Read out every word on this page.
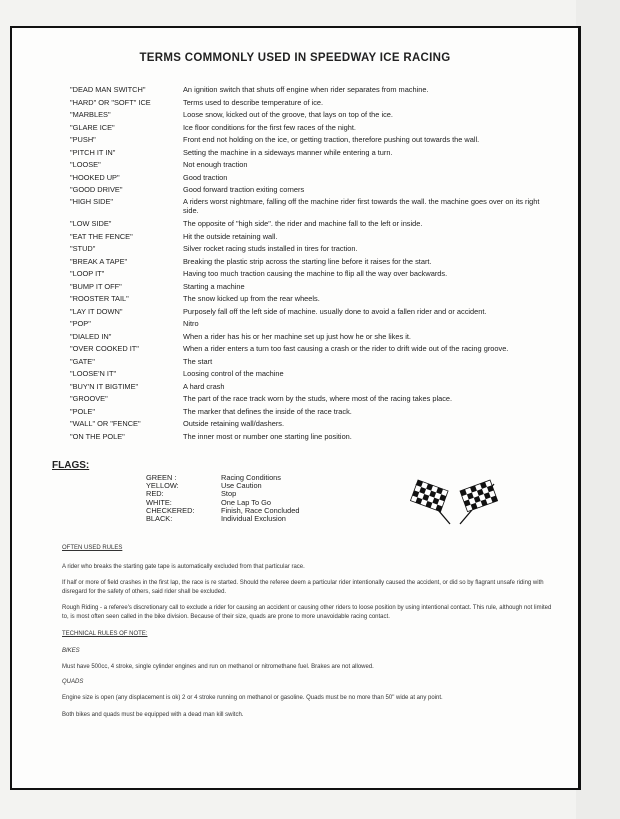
TERMS COMMONLY USED IN SPEEDWAY ICE RACING
"DEAD MAN SWITCH"	An ignition switch that shuts off engine when rider separates from machine.
"HARD" OR "SOFT" ICE	Terms used to describe temperature of ice.
"MARBLES"	Loose snow, kicked out of the groove, that lays on top of the ice.
"GLARE ICE"	Ice floor conditions for the first few races of the night.
"PUSH"	Front end not holding on the ice, or getting traction, therefore pushing out towards the wall.
"PITCH IT IN"	Setting the machine in a sideways manner while entering a turn.
"LOOSE"	Not enough traction
"HOOKED UP"	Good traction
"GOOD DRIVE"	Good forward traction exiting corners
"HIGH SIDE"	A riders worst nightmare, falling off the machine rider first towards the wall. the machine goes over on its right side.
"LOW SIDE"	The opposite of "high side". the rider and machine fall to the left or inside.
"EAT THE FENCE"	Hit the outside retaining wall.
"STUD"	Silver rocket racing studs installed in tires for traction.
"BREAK A TAPE"	Breaking the plastic strip across the starting line before it raises for the start.
"LOOP IT"	Having too much traction causing the machine to flip all the way over backwards.
"BUMP IT OFF"	Starting a machine
"ROOSTER TAIL"	The snow kicked up from the rear wheels.
"LAY IT DOWN"	Purposely fall off the left side of machine. usually done to avoid a fallen rider and or accident.
"POP"	Nitro
"DIALED IN"	When a rider has his or her machine set up just how he or she likes it.
"OVER COOKED IT"	When a rider enters a turn too fast causing a crash or the rider to drift wide out of the racing groove.
"GATE"	The start
"LOOSE'N IT"	Loosing control of the machine
"BUY'N IT BIGTIME"	A hard crash
"GROOVE"	The part of the race track worn by the studs, where most of the racing takes place.
"POLE"	The marker that defines the inside of the race track.
"WALL" OR "FENCE"	Outside retaining wall/dashers.
"ON THE POLE"	The inner most or number one starting line position.
FLAGS:
GREEN :	Racing Conditions
YELLOW:	Use Caution
RED:	Stop
WHITE:	One Lap To Go
CHECKERED:	Finish, Race Concluded
BLACK:	Individual Exclusion

OFTEN USED RULES

A rider who breaks the starting gate tape is automatically excluded from that particular race.

If half or more of field crashes in the first lap, the race is re started. Should the referee deem a particular rider intentionally caused the accident, or did so by flagrant unsafe riding with disregard for the safety of others, said rider shall be excluded.

Rough Riding - a referee's discretionary call to exclude a rider for causing an accident or causing other riders to loose position by using intentional contact. This rule, although not limited to, is most often seen called in the bike division. Because of their size, quads are prone to more unavoidable racing contact.

TECHNICAL RULES OF NOTE:

BIKES

Must have 500cc, 4 stroke, single cylinder engines and run on methanol or nitromethane fuel. Brakes are not allowed.

QUADS

Engine size is open (any displacement is ok) 2 or 4 stroke running on methanol or gasoline. Quads must be no more than 50" wide at any point.

Both bikes and quads must be equipped with a dead man kill switch.
